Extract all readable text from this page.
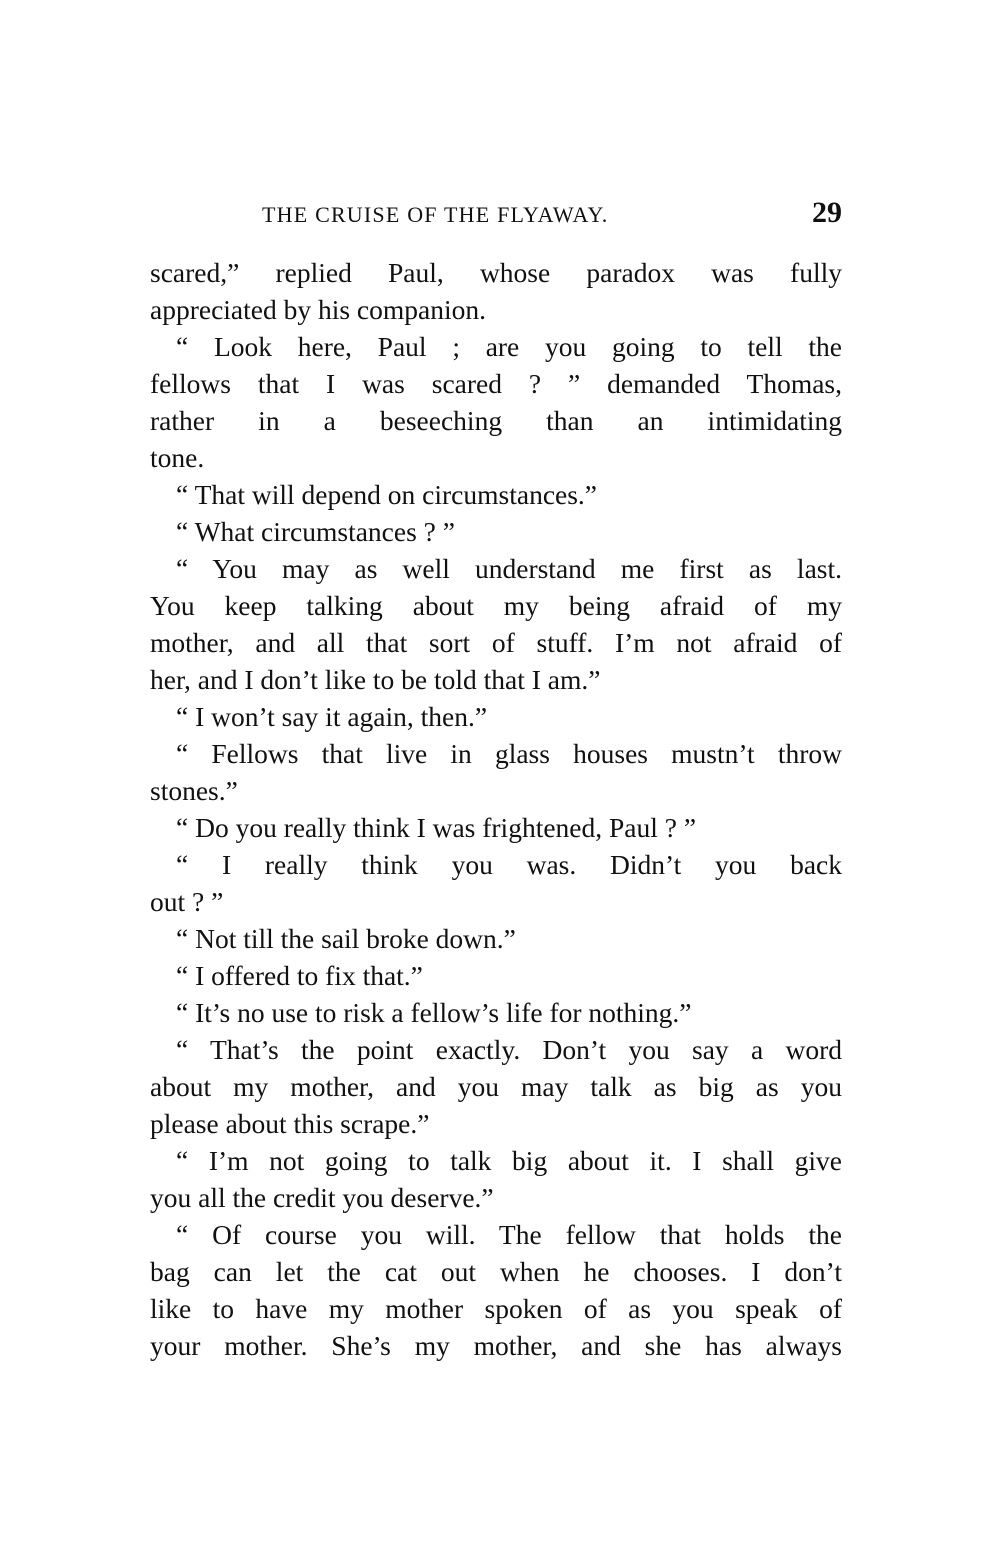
THE CRUISE OF THE FLYAWAY.	29
scared,” replied Paul, whose paradox was fully
appreciated by his companion.
“ Look here, Paul ; are you going to tell the
fellows that I was scared ? ” demanded Thomas,
rather in a beseeching than an intimidating
tone.
“ That will depend on circumstances.”
“ What circumstances ? ”
“ You may as well understand me first as last.
You keep talking about my being afraid of my
mother, and all that sort of stuff. I’m not afraid of
her, and I don’t like to be told that I am.”
“ I won’t say it again, then.”
“ Fellows that live in glass houses mustn’t throw
stones.”
“ Do you really think I was frightened, Paul ? ”
“ I really think you was. Didn’t you back
out ? ”
“ Not till the sail broke down.”
“ I offered to fix that.”
“ It’s no use to risk a fellow’s life for nothing.”
“ That’s the point exactly. Don’t you say a word
about my mother, and you may talk as big as you
please about this scrape.”
“ I’m not going to talk big about it. I shall give
you all the credit you deserve.”
“ Of course you will. The fellow that holds the
bag can let the cat out when he chooses. I don’t
like to have my mother spoken of as you speak of
your mother. She’s my mother, and she has always
